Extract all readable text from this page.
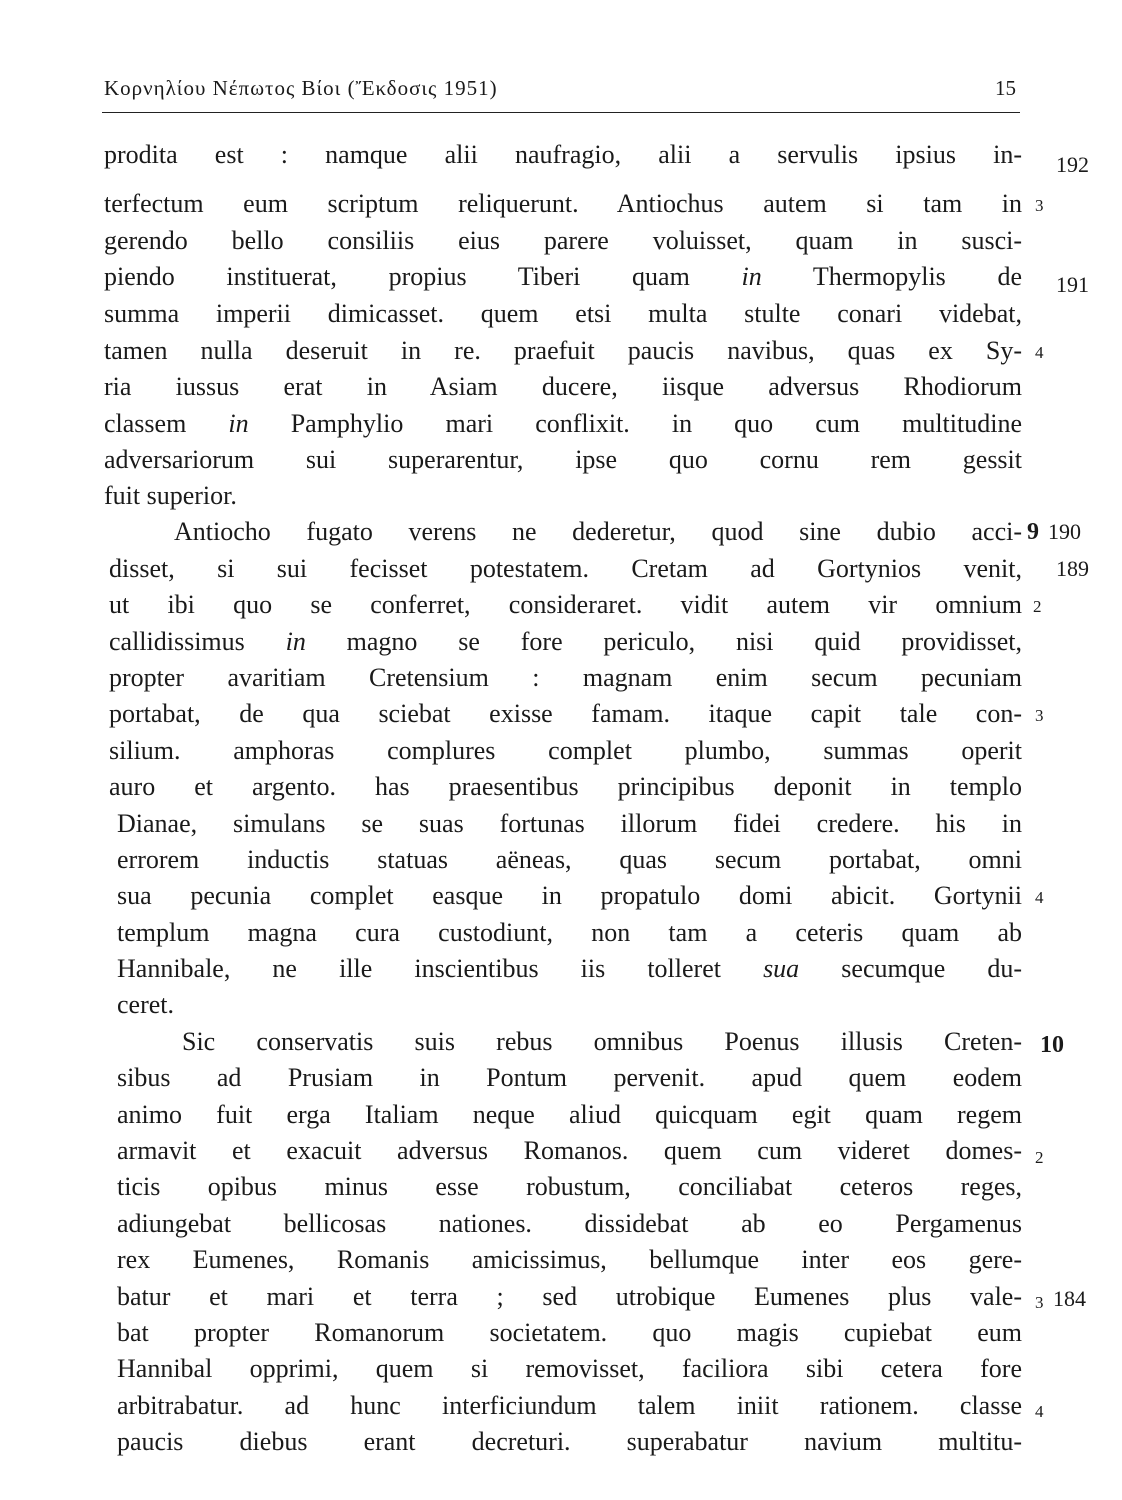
Κορνηλίου Νέπωτος Βίοι (Ἔκδοσις 1951)	15
prodita est : namque alii naufragio, alii a servulis ipsius in-
terfectum eum scriptum reliquerunt. Antiochus autem si tam in
gerendo bello consiliis eius parere voluisset, quam in susci-
piendo instituerat, propius Tiberi quam in Thermopylis de
summa imperii dimicasset. quem etsi multa stulte conari videbat,
tamen nulla deseruit in re. praefuit paucis navibus, quas ex Sy-
ria iussus erat in Asiam ducere, iisque adversus Rhodiorum
classem in Pamphylio mari conflixit. in quo cum multitudine
adversariorum sui superarentur, ipse quo cornu rem gessit
fuit superior.
Antiocho fugato verens ne dederetur, quod sine dubio acci-
disset, si sui fecisset potestatem. Cretam ad Gortynios venit,
ut ibi quo se conferret, consideraret. vidit autem vir omnium
callidissimus in magno se fore periculo, nisi quid providisset,
propter avaritiam Cretensium : magnam enim secum pecuniam
portabat, de qua sciebat exisse famam. itaque capit tale con-
silium. amphoras complures complet plumbo, summas operit
auro et argento. has praesentibus principibus deponit in templo
Dianae, simulans se suas fortunas illorum fidei credere. his in
errorem inductis statuas aëneas, quas secum portabat, omni
sua pecunia complet easque in propatulo domi abicit. Gortynii
templum magna cura custodiunt, non tam a ceteris quam ab
Hannibale, ne ille inscientibus iis tolleret sua secumque du-
ceret.
Sic conservatis suis rebus omnibus Poenus illusis Creten-
sibus ad Prusiam in Pontum pervenit. apud quem eodem
animo fuit erga Italiam neque aliud quicquam egit quam regem
armavit et exacuit adversus Romanos. quem cum videret domes-
ticis opibus minus esse robustum, conciliabat ceteros reges,
adiungebat bellicosas nationes. dissidebat ab eo Pergamenus
rex Eumenes, Romanis amicissimus, bellumque inter eos gere-
batur et mari et terra ; sed utrobique Eumenes plus vale-
bat propter Romanorum societatem. quo magis cupiebat eum
Hannibal opprimi, quem si removisset, faciliora sibi cetera fore
arbitrabatur. ad hunc interficiundum talem iniit rationem. classe
paucis diebus erant decreturi. superabatur navium multitu-
192
3
191
4
9 190
189
2
3
4
10
2
3 184
4
